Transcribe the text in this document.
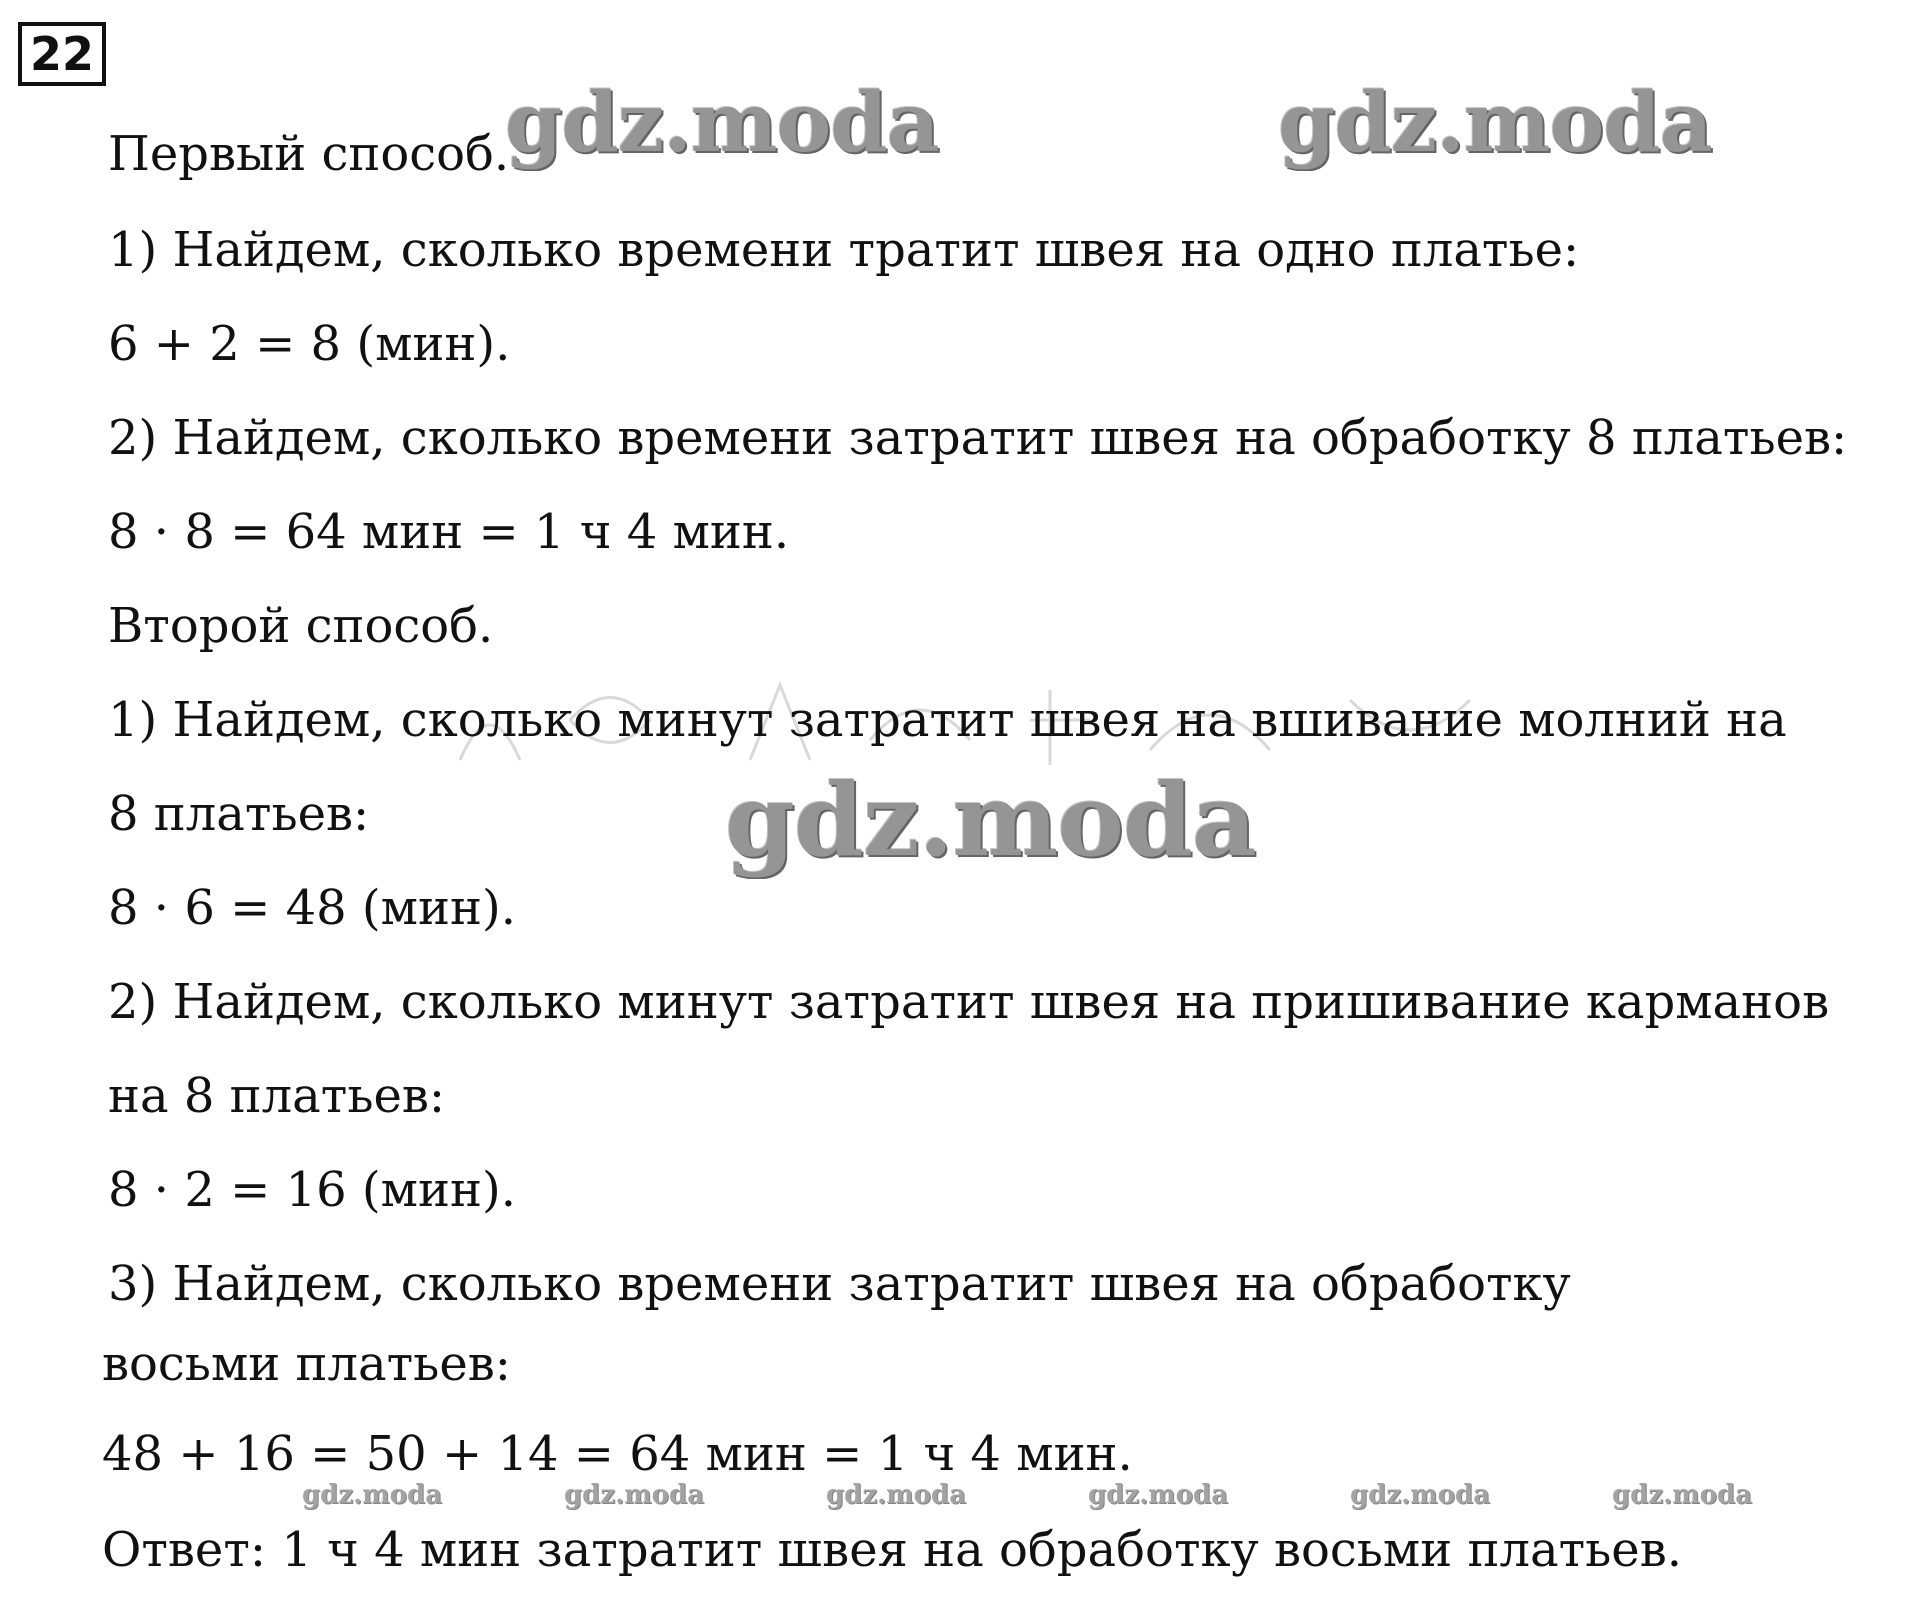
22
Первый способ.
1) Найдем, сколько времени тратит швея на одно платье:
6 + 2 = 8 (мин).
2) Найдем, сколько времени затратит швея на обработку 8 платьев:
8 · 8 = 64 мин = 1 ч 4 мин.
Второй способ.
1) Найдем, сколько минут затратит швея на вшивание молний на
8 платьев:
8 · 6 = 48 (мин).
2) Найдем, сколько минут затратит швея на пришивание карманов
на 8 платьев:
8 · 2 = 16 (мин).
3) Найдем, сколько времени затратит швея на обработку
восьми платьев:
48 + 16 = 50 + 14 = 64 мин = 1 ч 4 мин.
Ответ: 1 ч 4 мин затратит швея на обработку восьми платьев.
gdz.moda	gdz.moda
gdz.moda
gdz.moda	gdz.moda	gdz.moda	gdz.moda	gdz.moda	gdz.moda
